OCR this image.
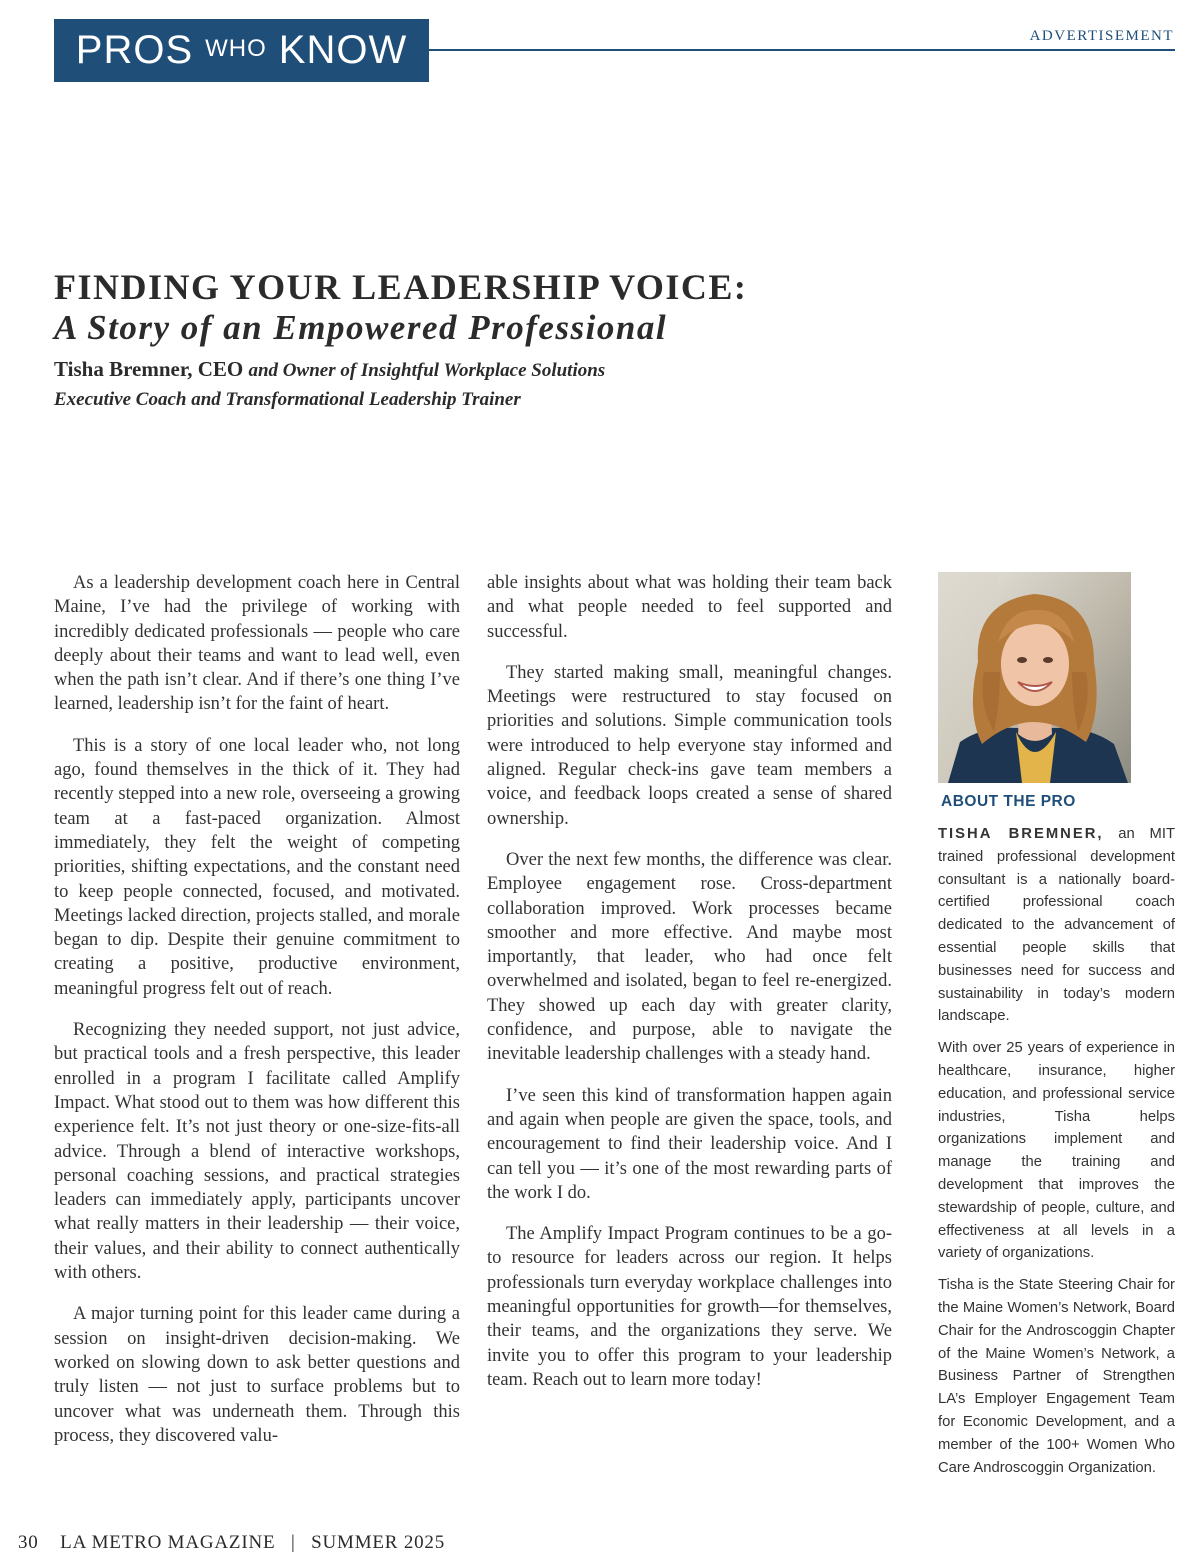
PROS WHO KNOW	ADVERTISEMENT
FINDING YOUR LEADERSHIP VOICE:
A Story of an Empowered Professional
Tisha Bremner, CEO and Owner of Insightful Workplace Solutions
Executive Coach and Transformational Leadership Trainer

As a leadership development coach here in Central Maine, I’ve had the privilege of working with incredibly dedicated professionals — people who care deeply about their teams and want to lead well, even when the path isn’t clear. And if there’s one thing I’ve learned, leadership isn’t for the faint of heart.

This is a story of one local leader who, not long ago, found themselves in the thick of it. They had recently stepped into a new role, overseeing a growing team at a fast-paced organization. Almost immediately, they felt the weight of competing priorities, shifting expectations, and the constant need to keep people connected, focused, and motivated. Meetings lacked direction, projects stalled, and morale began to dip. Despite their genuine commitment to creating a positive, productive environment, meaningful progress felt out of reach.

Recognizing they needed support, not just advice, but practical tools and a fresh perspective, this leader enrolled in a program I facilitate called Amplify Impact. What stood out to them was how different this experience felt. It’s not just theory or one-size-fits-all advice. Through a blend of interactive workshops, personal coaching sessions, and practical strategies leaders can immediately apply, participants uncover what really matters in their leadership — their voice, their values, and their ability to connect authentically with others.

A major turning point for this leader came during a session on insight-driven decision-making. We worked on slowing down to ask better questions and truly listen — not just to surface problems but to uncover what was underneath them. Through this process, they discovered valu-

able insights about what was holding their team back and what people needed to feel supported and successful.

They started making small, meaningful changes. Meetings were restructured to stay focused on priorities and solutions. Simple communication tools were introduced to help everyone stay informed and aligned. Regular check-ins gave team members a voice, and feedback loops created a sense of shared ownership.

Over the next few months, the difference was clear. Employee engagement rose. Cross-department collaboration improved. Work processes became smoother and more effective. And maybe most importantly, that leader, who had once felt overwhelmed and isolated, began to feel re-energized. They showed up each day with greater clarity, confidence, and purpose, able to navigate the inevitable leadership challenges with a steady hand.

I’ve seen this kind of transformation happen again and again when people are given the space, tools, and encouragement to find their leadership voice. And I can tell you — it’s one of the most rewarding parts of the work I do.

The Amplify Impact Program continues to be a go-to resource for leaders across our region. It helps professionals turn everyday workplace challenges into meaningful opportunities for growth—for themselves, their teams, and the organizations they serve. We invite you to offer this program to your leadership team. Reach out to learn more today!

ABOUT THE PRO

TISHA BREMNER, an MIT trained professional development consultant is a nationally board-certified professional coach dedicated to the advancement of essential people skills that businesses need for success and sustainability in today’s modern landscape.

With over 25 years of experience in healthcare, insurance, higher education, and professional service industries, Tisha helps organizations implement and manage the training and development that improves the stewardship of people, culture, and effectiveness at all levels in a variety of organizations.

Tisha is the State Steering Chair for the Maine Women’s Network, Board Chair for the Androscoggin Chapter of the Maine Women’s Network, a Business Partner of Strengthen LA’s Employer Engagement Team for Economic Development, and a member of the 100+ Women Who Care Androscoggin Organization.

30 LA METRO MAGAZINE | SUMMER 2025
